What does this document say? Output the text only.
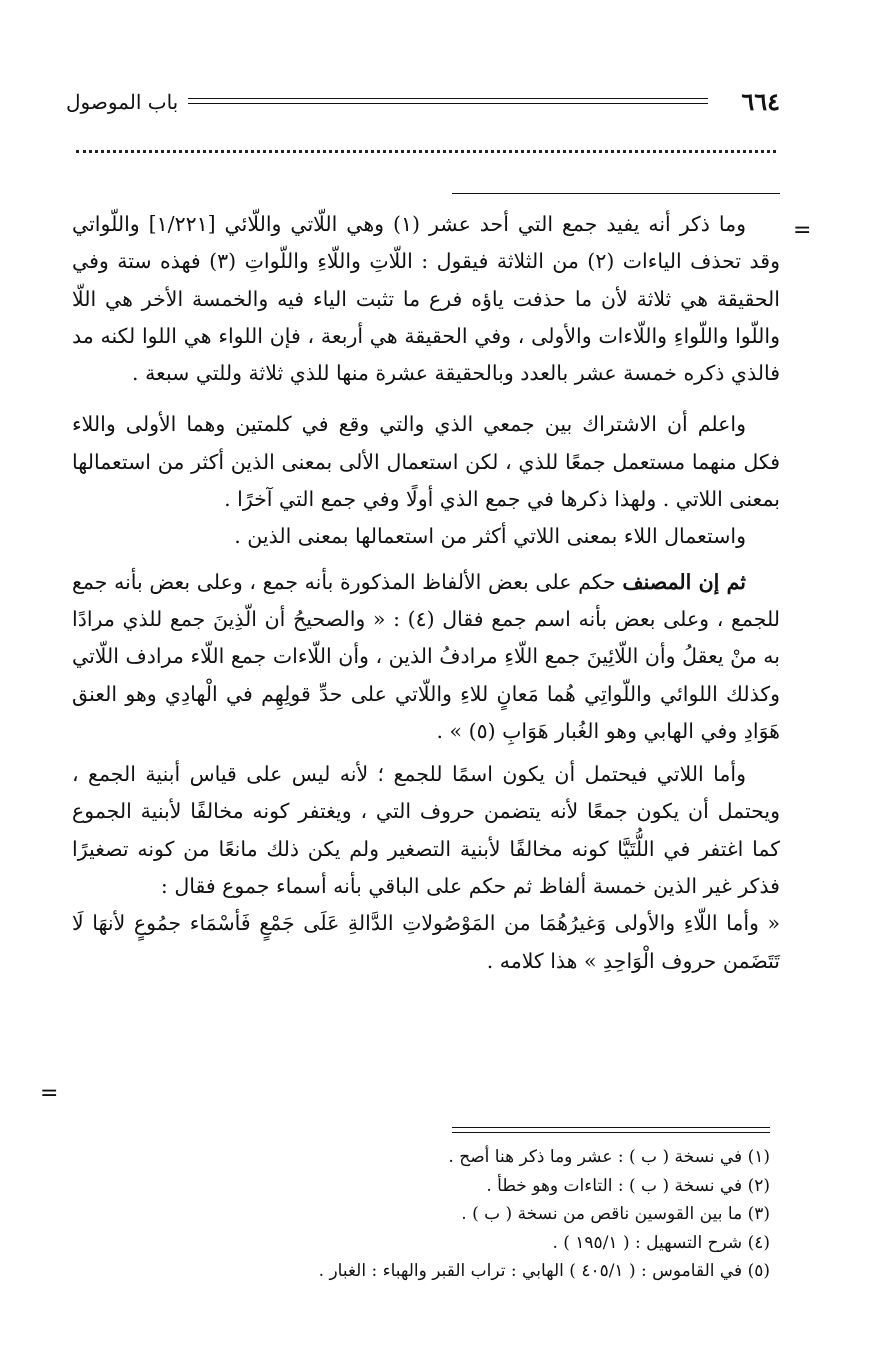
٦٦٤
باب الموصول
=
=

وما ذكر أنه يفيد جمع التي أحد عشر (١) وهي اللّاتي واللّائي [١/٢٢١] واللّواتي وقد تحذف الياءات (٢) من الثلاثة فيقول : اللّاتِ واللّاءِ واللّواتِ (٣) فهذه ستة وفي الحقيقة هي ثلاثة لأن ما حذفت ياؤه فرع ما تثبت الياء فيه والخمسة الأخر هي اللّا واللّوا واللّواءِ واللّاءات والأولى ، وفي الحقيقة هي أربعة ، فإن اللواء هي اللوا لكنه مد فالذي ذكره خمسة عشر بالعدد وبالحقيقة عشرة منها للذي ثلاثة وللتي سبعة .

واعلم أن الاشتراك بين جمعي الذي والتي وقع في كلمتين وهما الأولى واللاء فكل منهما مستعمل جمعًا للذي ، لكن استعمال الألى بمعنى الذين أكثر من استعمالها بمعنى اللاتي . ولهذا ذكرها في جمع الذي أولًا وفي جمع التي آخرًا .

واستعمال اللاء بمعنى اللاتي أكثر من استعمالها بمعنى الذين .

ثم إن المصنف حكم على بعض الألفاظ المذكورة بأنه جمع ، وعلى بعض بأنه جمع للجمع ، وعلى بعض بأنه اسم جمع فقال (٤) : « والصحيحُ أن الّذِينَ جمع للذي مرادًا به منْ يعقلُ وأن اللّائِينَ جمع اللّاءِ مرادفُ الذين ، وأن اللّاءات جمع اللّاء مرادف اللّاتي وكذلك اللوائي واللّواتِي هُما مَعانٍ للاءِ واللّاتي على حدِّ قولِهِم في الْهادِي وهو العنق هَوَادِ وفي الهابي وهو الغُبار هَوَابِ (٥) » .

وأما اللاتي فيحتمل أن يكون اسمًا للجمع ؛ لأنه ليس على قياس أبنية الجمع ، ويحتمل أن يكون جمعًا لأنه يتضمن حروف التي ، ويغتفر كونه مخالفًا لأبنية الجموع كما اغتفر في اللُّتَيَّا كونه مخالفًا لأبنية التصغير ولم يكن ذلك مانعًا من كونه تصغيرًا فذكر غير الذين خمسة ألفاظ ثم حكم على الباقي بأنه أسماء جموع فقال :

« وأما اللّاءِ والأولى وَغيرُهُمَا من المَوْصُولاتِ الدَّالةِ عَلَى جَمْعٍ فَأسْمَاء جمُوعٍ لأنهَا لَا تَتَضَمن حروف الْوَاحِدِ » هذا كلامه .

(١) في نسخة ( ب ) : عشر وما ذكر هنا أصح .
(٢) في نسخة ( ب ) : التاءات وهو خطأ .
(٣) ما بين القوسين ناقص من نسخة ( ب ) .
(٤) شرح التسهيل : ( ١٩٥/١ ) .
(٥) في القاموس : ( ٤٠٥/١ ) الهابي : تراب القبر والهباء : الغبار .
